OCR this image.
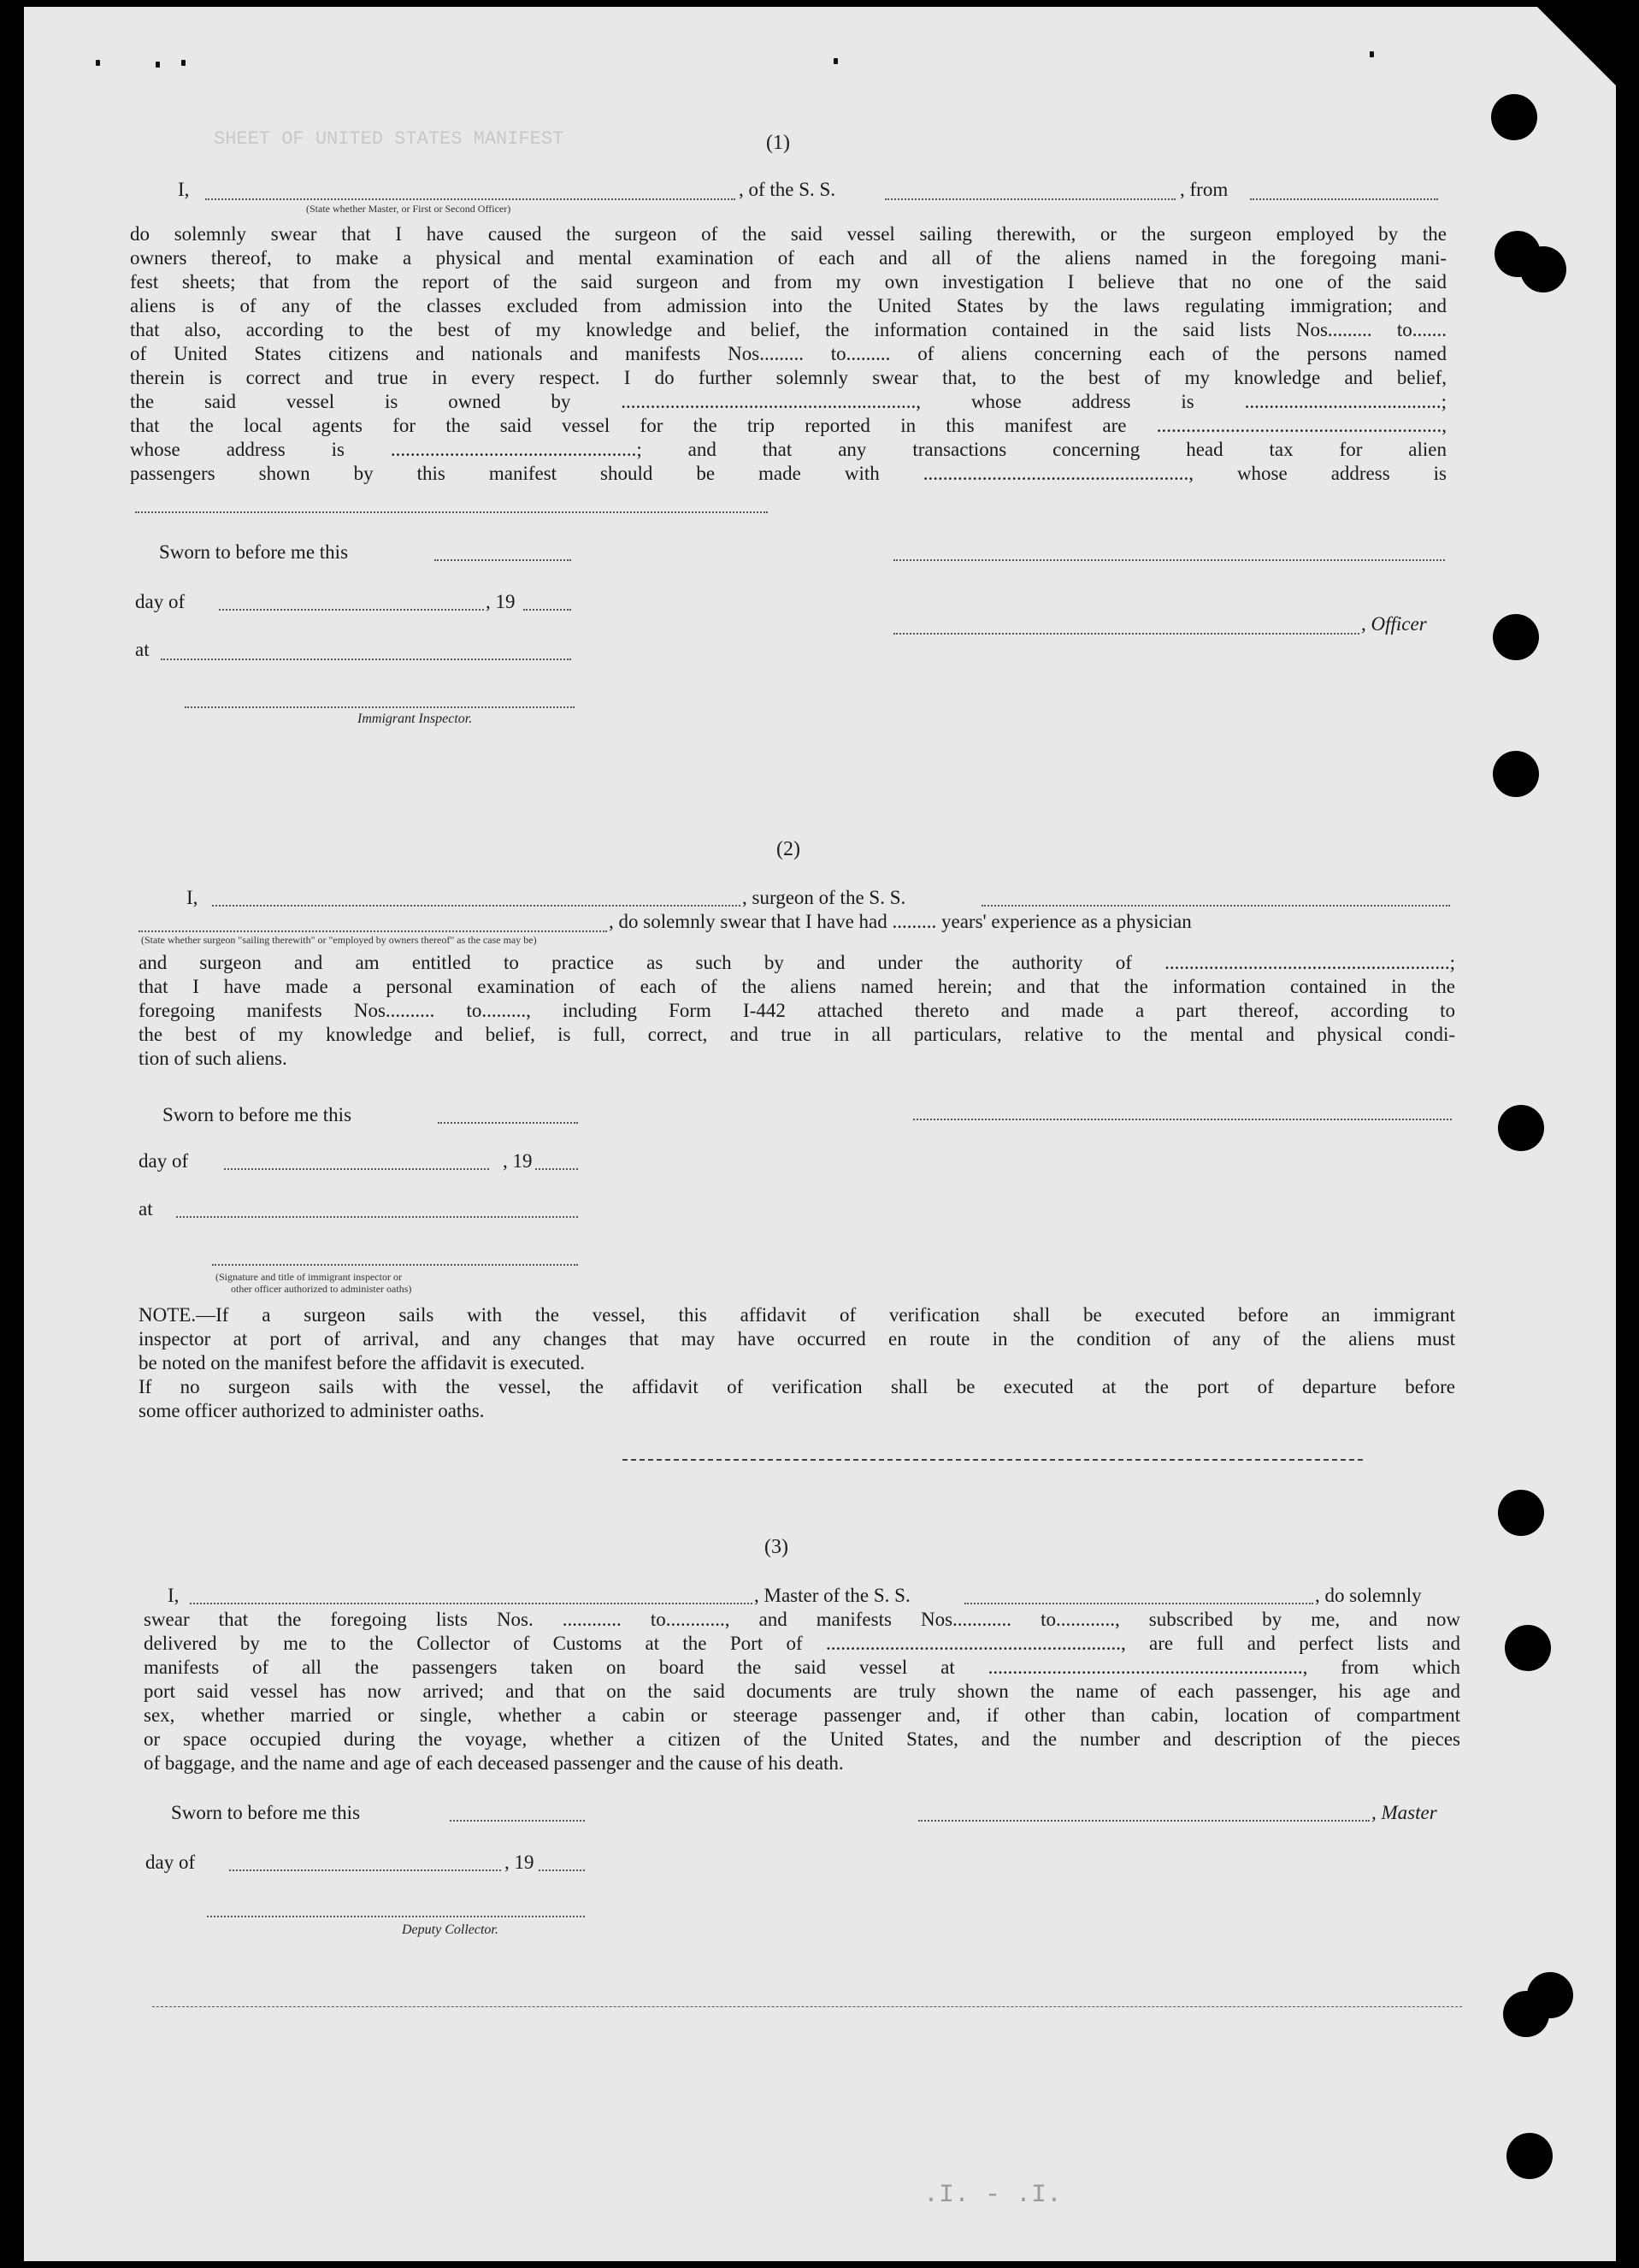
SHEET OF UNITED STATES MANIFEST
.I. - .I.
(1)
I,
(State whether Master, or First or Second Officer)
, of the S. S.	, from
do solemnly swear that I have caused the surgeon of the said vessel sailing therewith, or the surgeon employed by the
owners thereof, to make a physical and mental examination of each and all of the aliens named in the foregoing mani-
fest sheets; that from the report of the said surgeon and from my own investigation I believe that no one of the said
aliens is of any of the classes excluded from admission into the United States by the laws regulating immigration; and
that also, according to the best of my knowledge and belief, the information contained in the said lists Nos......... to.......
of United States citizens and nationals and manifests Nos......... to......... of aliens concerning each of the persons named
therein is correct and true in every respect. I do further solemnly swear that, to the best of my knowledge and belief,
the said vessel is owned by ............................................................, whose address is ........................................;
that the local agents for the said vessel for the trip reported in this manifest are ..........................................................,
whose address is ..................................................; and that any transactions concerning head tax for alien
passengers shown by this manifest should be made with ......................................................, whose address is
Sworn to before me this
day of	, 19
, Officer
at
Immigrant Inspector.
(2)
I,	, surgeon of the S. S.
, do solemnly swear that I have had ......... years' experience as a physician
(State whether surgeon "sailing therewith" or "employed by owners thereof" as the case may be)
and surgeon and am entitled to practice as such by and under the authority of ..........................................................;
that I have made a personal examination of each of the aliens named herein; and that the information contained in the
foregoing manifests Nos.......... to........., including Form I-442 attached thereto and made a part thereof, according to
the best of my knowledge and belief, is full, correct, and true in all particulars, relative to the mental and physical condi-
tion of such aliens.
Sworn to before me this
day of	, 19
at
(Signature and title of immigrant inspector or
other officer authorized to administer oaths)
NOTE.—If a surgeon sails with the vessel, this affidavit of verification shall be executed before an immigrant
inspector at port of arrival, and any changes that may have occurred en route in the condition of any of the aliens must
be noted on the manifest before the affidavit is executed.
If no surgeon sails with the vessel, the affidavit of verification shall be executed at the port of departure before
some officer authorized to administer oaths.
(3)
I,	, Master of the S. S.	, do solemnly
swear that the foregoing lists Nos. ............ to............, and manifests Nos............ to............, subscribed by me, and now
delivered by me to the Collector of Customs at the Port of ............................................................, are full and perfect lists and
manifests of all the passengers taken on board the said vessel at ................................................................, from which
port said vessel has now arrived; and that on the said documents are truly shown the name of each passenger, his age and
sex, whether married or single, whether a cabin or steerage passenger and, if other than cabin, location of compartment
or space occupied during the voyage, whether a citizen of the United States, and the number and description of the pieces
of baggage, and the name and age of each deceased passenger and the cause of his death.
Sworn to before me this	, Master
day of	, 19
Deputy Collector.
